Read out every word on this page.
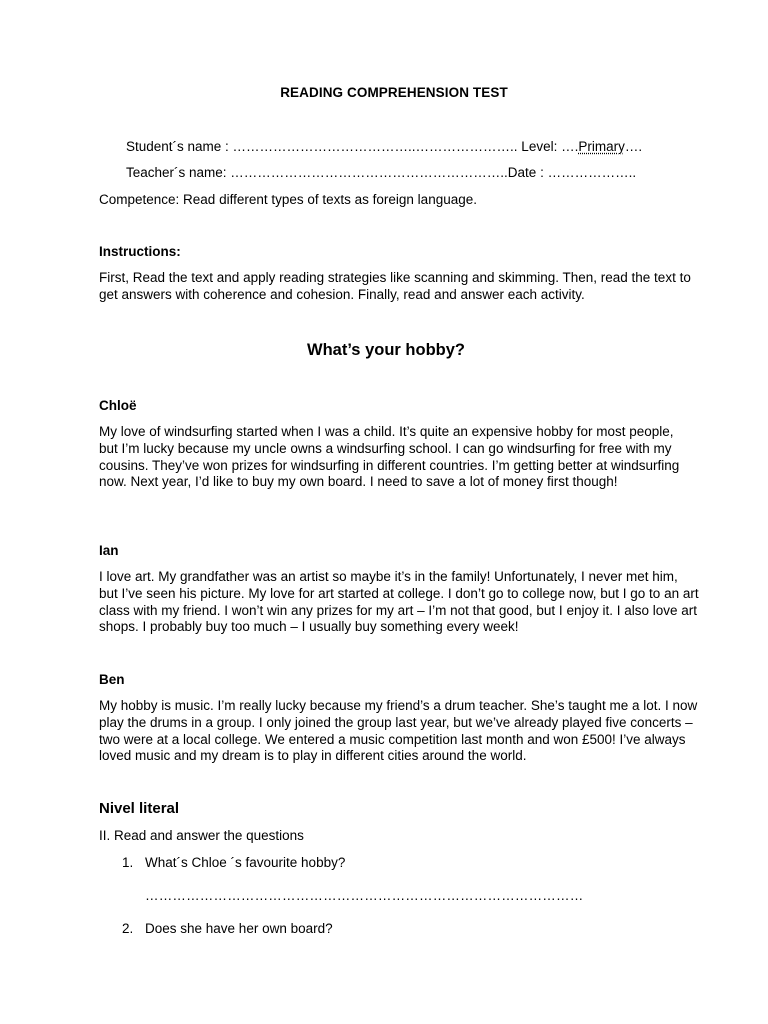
READING COMPREHENSION TEST

Student´s name : …………………………………..………………….. Level: ….Primary….

Teacher´s name: ……………………………………………………..Date : ………………..

Competence: Read different types of texts as foreign language.

Instructions:

First, Read the text and apply reading strategies like scanning and skimming. Then, read the text to get answers with coherence and cohesion. Finally, read and answer each activity.

What’s your hobby?

Chloë

My love of windsurfing started when I was a child. It’s quite an expensive hobby for most people, but I’m lucky because my uncle owns a windsurfing school. I can go windsurfing for free with my cousins. They’ve won prizes for windsurfing in different countries. I’m getting better at windsurfing now. Next year, I’d like to buy my own board. I need to save a lot of money first though!

Ian

I love art. My grandfather was an artist so maybe it’s in the family! Unfortunately, I never met him, but I’ve seen his picture. My love for art started at college. I don’t go to college now, but I go to an art class with my friend. I won’t win any prizes for my art – I’m not that good, but I enjoy it. I also love art shops. I probably buy too much – I usually buy something every week!

Ben

My hobby is music. I’m really lucky because my friend’s a drum teacher. She’s taught me a lot. I now play the drums in a group. I only joined the group last year, but we’ve already played five concerts – two were at a local college. We entered a music competition last month and won £500! I’ve always loved music and my dream is to play in different cities around the world.

Nivel literal

II. Read and answer the questions

1. What´s Chloe ´s favourite hobby?

……………………………………………………………………………………

2. Does she have her own board?
